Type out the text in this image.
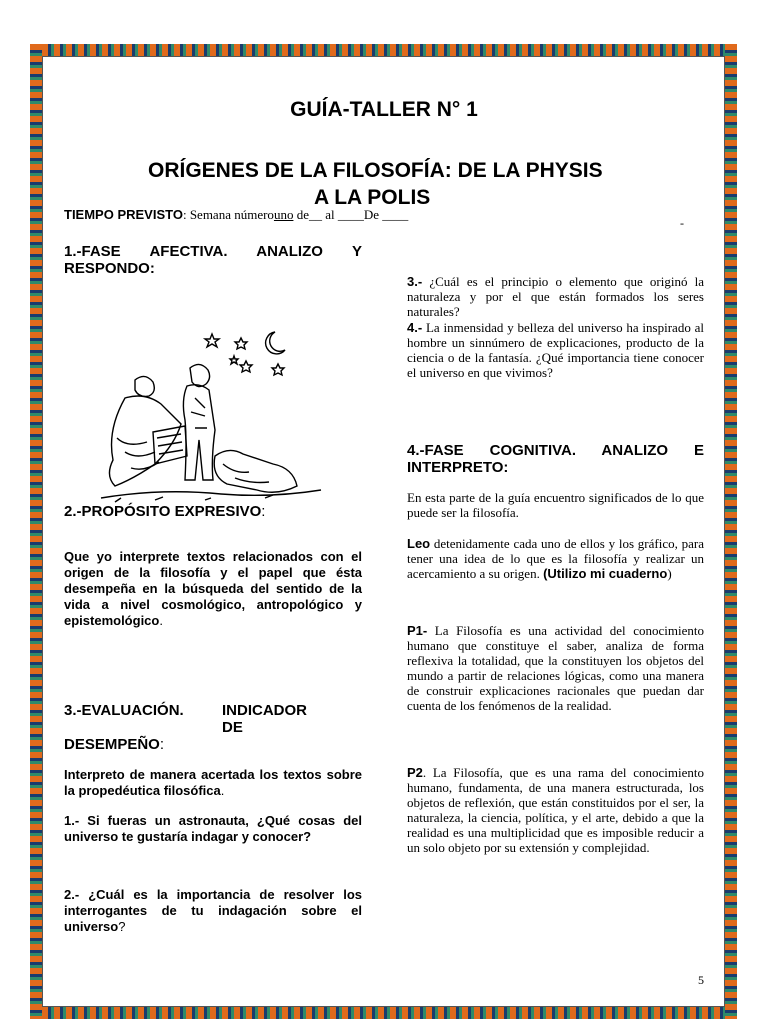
GUÍA-TALLER N° 1
ORÍGENES DE LA FILOSOFÍA: DE LA PHYSIS
A LA POLIS
TIEMPO PREVISTO: Semana númerouno de__ al ____De ____
-
1.-FASE AFECTIVA. ANALIZO Y RESPONDO:
2.-PROPÓSITO EXPRESIVO:
Que yo interprete textos relacionados con el origen de la filosofía y el papel que ésta desempeña en la búsqueda del sentido de la vida a nivel cosmológico, antropológico y epistemológico.
3.-EVALUACIÓN.	INDICADOR
DE
DESEMPEÑO:
Interpreto de manera acertada los textos sobre la propedéutica filosófica.
1.- Si fueras un astronauta, ¿Qué cosas del universo te gustaría indagar y conocer?
2.- ¿Cuál es la importancia de resolver los interrogantes de tu indagación sobre el universo?
3.- ¿Cuál es el principio o elemento que originó la naturaleza y por el que están formados los seres naturales?
4.- La inmensidad y belleza del universo ha inspirado al hombre un sinnúmero de explicaciones, producto de la ciencia o de la fantasía. ¿Qué importancia tiene conocer el universo en que vivimos?
4.-FASE COGNITIVA. ANALIZO E INTERPRETO:
En esta parte de la guía encuentro significados de lo que puede ser la filosofía.
Leo detenidamente cada uno de ellos y los gráfico, para tener una idea de lo que es la filosofía y realizar un acercamiento a su origen. (Utilizo mi cuaderno)
P1- La Filosofía es una actividad del conocimiento humano que constituye el saber, analiza de forma reflexiva la totalidad, que la constituyen los objetos del mundo a partir de relaciones lógicas, como una manera de construir explicaciones racionales que puedan dar cuenta de los fenómenos de la realidad.
P2. La Filosofía, que es una rama del conocimiento humano, fundamenta, de una manera estructurada, los objetos de reflexión, que están constituidos por el ser, la naturaleza, la ciencia, política, y el arte, debido a que la realidad es una multiplicidad que es imposible reducir a un solo objeto por su extensión y complejidad.
5
